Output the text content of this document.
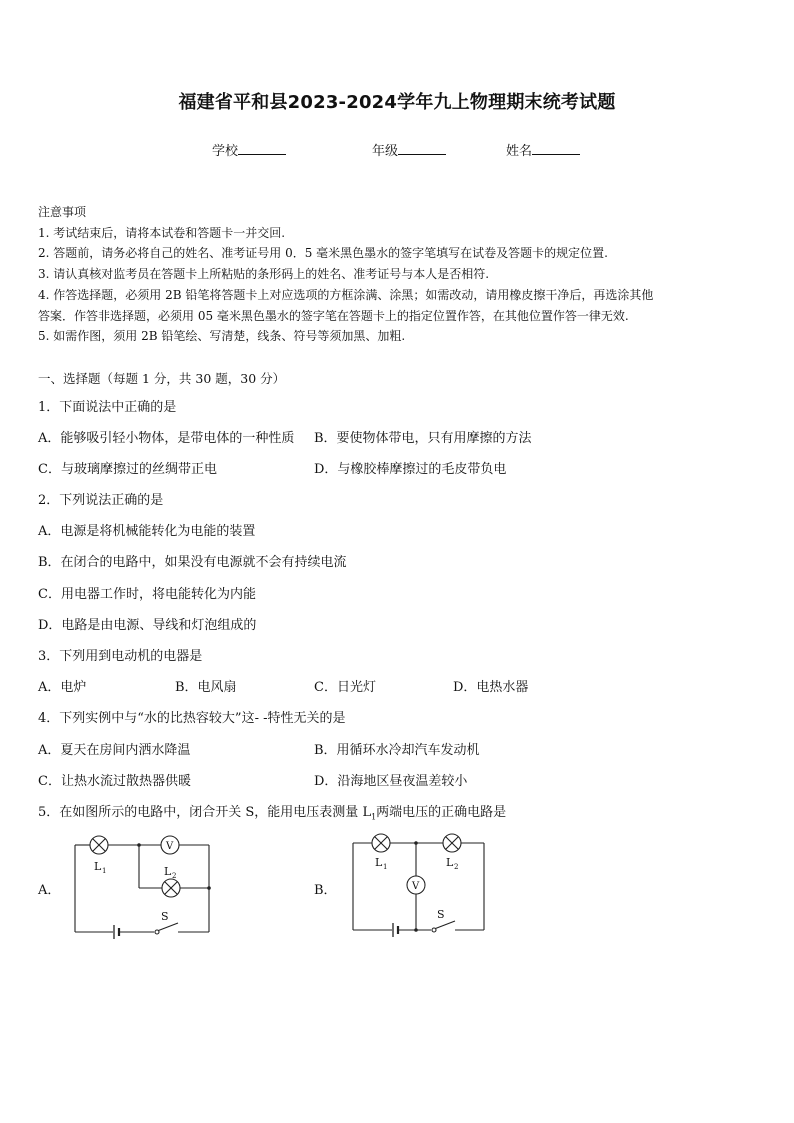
福建省平和县2023-2024学年九上物理期末统考试题
学校	年级	姓名
注意事项
1. 考试结束后，请将本试卷和答题卡一并交回.
2. 答题前，请务必将自己的姓名、准考证号用 0．5 毫米黑色墨水的签字笔填写在试卷及答题卡的规定位置.
3. 请认真核对监考员在答题卡上所粘贴的条形码上的姓名、准考证号与本人是否相符.
4. 作答选择题，必须用 2B 铅笔将答题卡上对应选项的方框涂满、涂黑；如需改动，请用橡皮擦干净后，再选涂其他
答案．作答非选择题，必须用 05 毫米黑色墨水的签字笔在答题卡上的指定位置作答，在其他位置作答一律无效.
5. 如需作图，须用 2B 铅笔绘、写清楚，线条、符号等须加黑、加粗.
一、选择题（每题 1 分，共 30 题，30 分）
1．下面说法中正确的是
A．能够吸引轻小物体，是带电体的一种性质 B．要使物体带电，只有用摩擦的方法
C．与玻璃摩擦过的丝绸带正电	D．与橡胶棒摩擦过的毛皮带负电
2．下列说法正确的是
A．电源是将机械能转化为电能的装置
B．在闭合的电路中，如果没有电源就不会有持续电流
C．用电器工作时，将电能转化为内能
D．电路是由电源、导线和灯泡组成的
3．下列用到电动机的电器是
A．电炉	B．电风扇	C．日光灯	D．电热水器
4．下列实例中与“水的比热容较大”这- -特性无关的是
A．夏天在房间内洒水降温	B．用循环水冷却汽车发动机
C．让热水流过散热器供暖	D．沿海地区昼夜温差较小
5．在如图所示的电路中，闭合开关 S，能用电压表测量 $L_1$两端电压的正确电路是
A．	B．
L 1
V
L 2
S
L 1	L 2
V
S
